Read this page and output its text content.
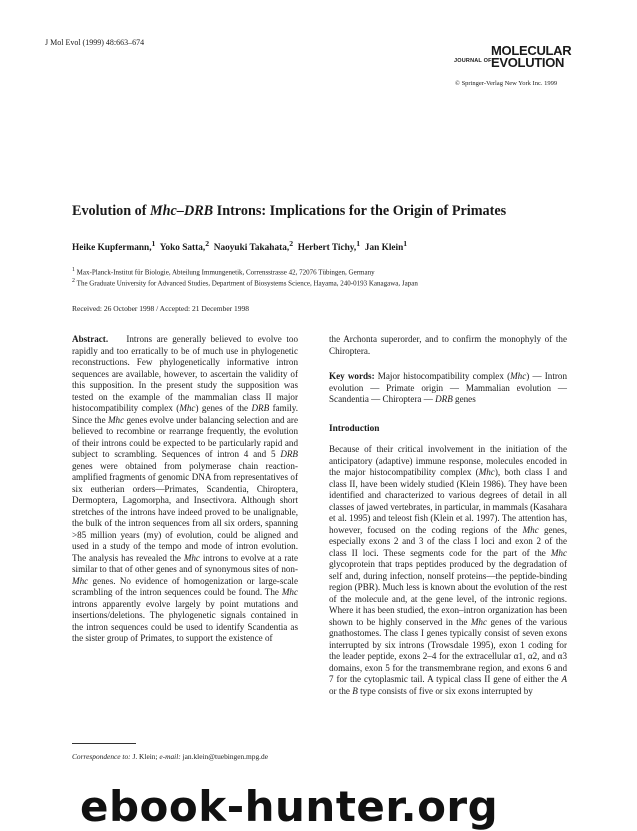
J Mol Evol (1999) 48:663–674
JOURNAL OF
MOLECULAR
EVOLUTION
© Springer-Verlag New York Inc. 1999
Evolution of Mhc–DRB Introns: Implications for the Origin of Primates
Heike Kupfermann,$^1$ Yoko Satta,$^2$ Naoyuki Takahata,$^2$ Herbert Tichy,$^1$ Jan Klein$^1$
$^1$ Max-Planck-Institut für Biologie, Abteilung Immungenetik, Corrensstrasse 42, 72076 Tübingen, Germany
$^2$ The Graduate University for Advanced Studies, Department of Biosystems Science, Hayama, 240-0193 Kanagawa, Japan
Received: 26 October 1998 / Accepted: 21 December 1998

Abstract. Introns are generally believed to evolve too rapidly and too erratically to be of much use in phylogenetic reconstructions. Few phylogenetically informative intron sequences are available, however, to ascertain the validity of this supposition. In the present study the supposition was tested on the example of the mammalian class II major histocompatibility complex (Mhc) genes of the DRB family. Since the Mhc genes evolve under balancing selection and are believed to recombine or rearrange frequently, the evolution of their introns could be expected to be particularly rapid and subject to scrambling. Sequences of intron 4 and 5 DRB genes were obtained from polymerase chain reaction-amplified fragments of genomic DNA from representatives of six eutherian orders—Primates, Scandentia, Chiroptera, Dermoptera, Lagomorpha, and Insectivora. Although short stretches of the introns have indeed proved to be unalignable, the bulk of the intron sequences from all six orders, spanning >85 million years (my) of evolution, could be aligned and used in a study of the tempo and mode of intron evolution. The analysis has revealed the Mhc introns to evolve at a rate similar to that of other genes and of synonymous sites of non-Mhc genes. No evidence of homogenization or large-scale scrambling of the intron sequences could be found. The Mhc introns apparently evolve largely by point mutations and insertions/deletions. The phylogenetic signals contained in the intron sequences could be used to identify Scandentia as the sister group of Primates, to support the existence of

the Archonta superorder, and to confirm the monophyly of the Chiroptera.

Key words: Major histocompatibility complex (Mhc) — Intron evolution — Primate origin — Mammalian evolution — Scandentia — Chiroptera — DRB genes

Introduction

Because of their critical involvement in the initiation of the anticipatory (adaptive) immune response, molecules encoded in the major histocompatibility complex (Mhc), both class I and class II, have been widely studied (Klein 1986). They have been identified and characterized to various degrees of detail in all classes of jawed vertebrates, in particular, in mammals (Kasahara et al. 1995) and teleost fish (Klein et al. 1997). The attention has, however, focused on the coding regions of the Mhc genes, especially exons 2 and 3 of the class I loci and exon 2 of the class II loci. These segments code for the part of the Mhc glycoprotein that traps peptides produced by the degradation of self and, during infection, nonself proteins—the peptide-binding region (PBR). Much less is known about the evolution of the rest of the molecule and, at the gene level, of the intronic regions. Where it has been studied, the exon–intron organization has been shown to be highly conserved in the Mhc genes of the various gnathostomes. The class I genes typically consist of seven exons interrupted by six introns (Trowsdale 1995), exon 1 coding for the leader peptide, exons 2–4 for the extracellular α1, α2, and α3 domains, exon 5 for the transmembrane region, and exons 6 and 7 for the cytoplasmic tail. A typical class II gene of either the A or the B type consists of five or six exons interrupted by

Correspondence to: J. Klein; e-mail: jan.klein@tuebingen.mpg.de
ebook-hunter.org
